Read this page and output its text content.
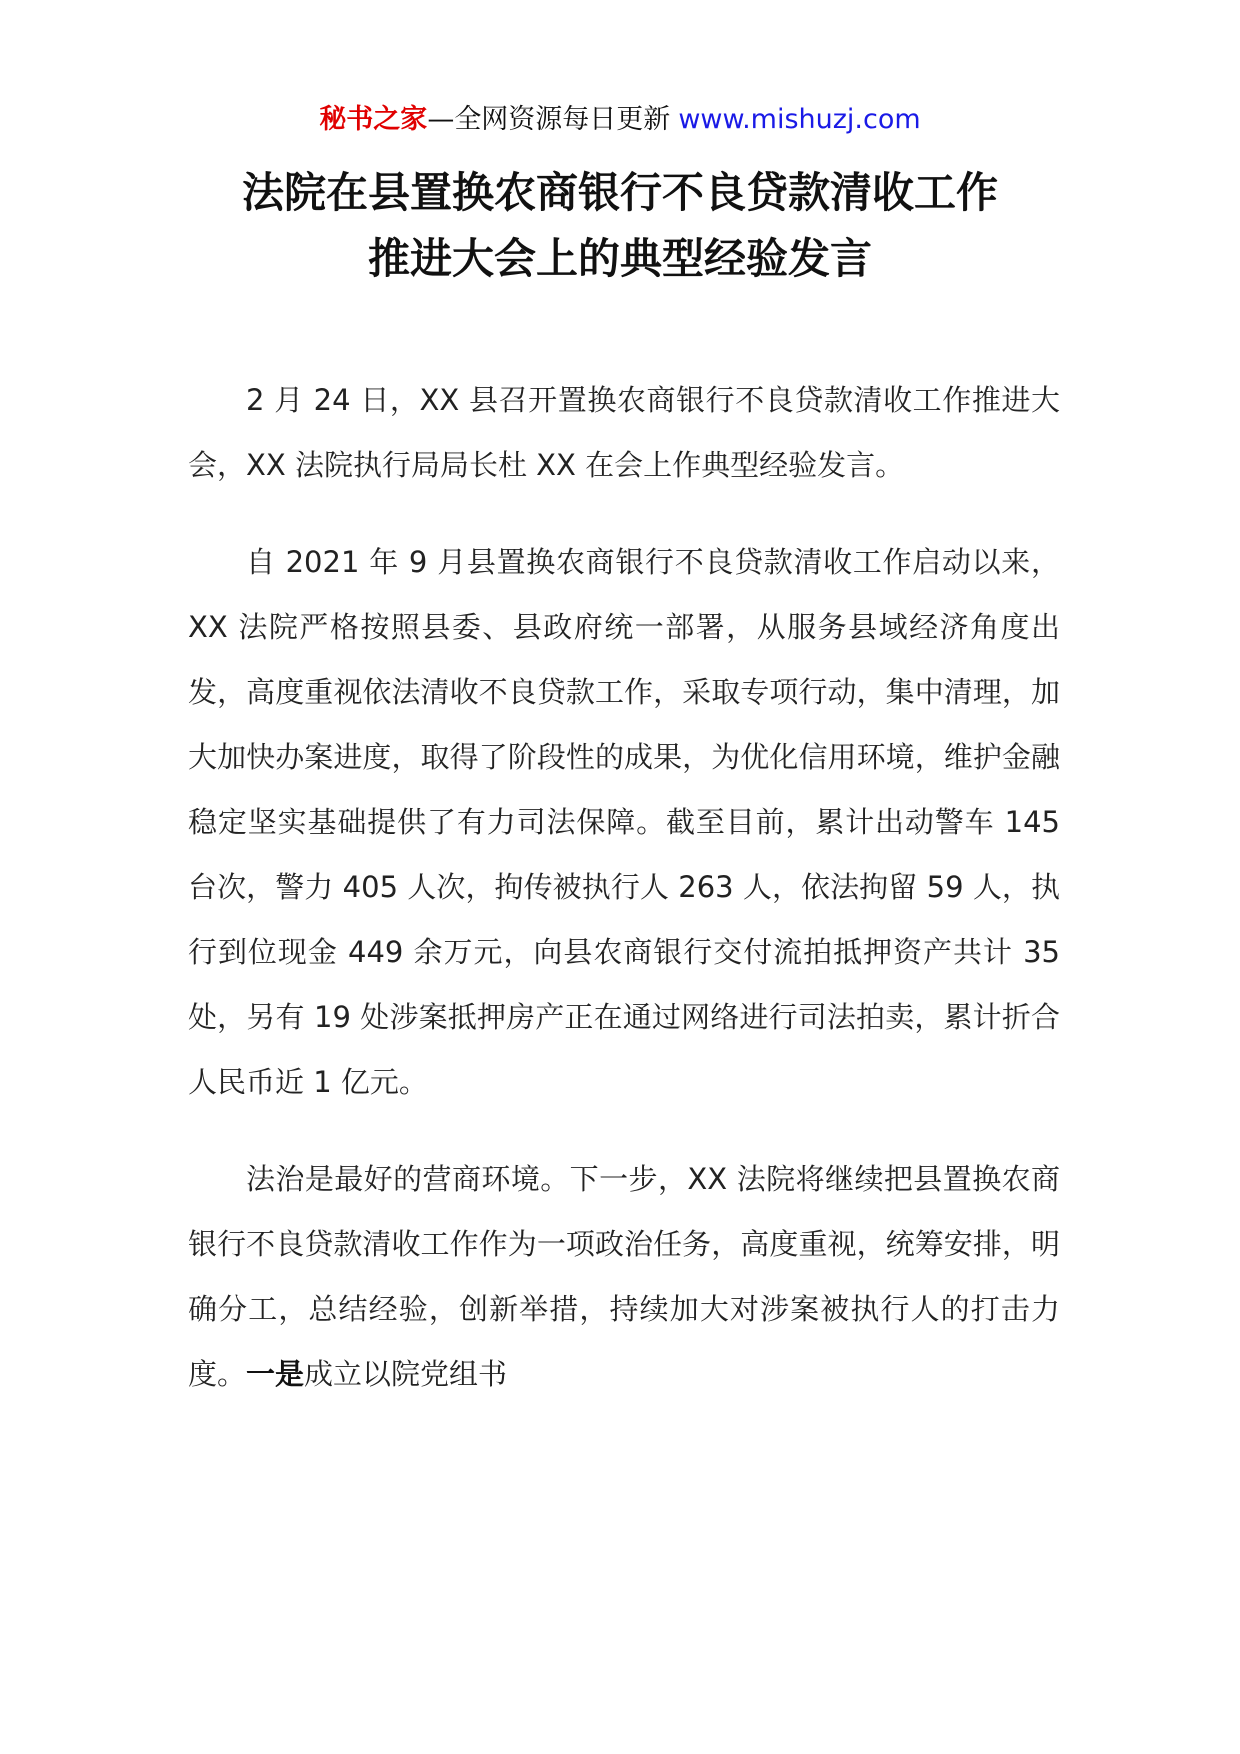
秘书之家—全网资源每日更新 www.mishuzj.com
法院在县置换农商银行不良贷款清收工作
推进大会上的典型经验发言

2 月 24 日，XX 县召开置换农商银行不良贷款清收工作推进大会，XX 法院执行局局长杜 XX 在会上作典型经验发言。

自 2021 年 9 月县置换农商银行不良贷款清收工作启动以来，XX 法院严格按照县委、县政府统一部署，从服务县域经济角度出发，高度重视依法清收不良贷款工作，采取专项行动，集中清理，加大加快办案进度，取得了阶段性的成果，为优化信用环境，维护金融稳定坚实基础提供了有力司法保障。截至目前，累计出动警车 145 台次，警力 405 人次，拘传被执行人 263 人，依法拘留 59 人，执行到位现金 449 余万元，向县农商银行交付流拍抵押资产共计 35 处，另有 19 处涉案抵押房产正在通过网络进行司法拍卖，累计折合人民币近 1 亿元。

法治是最好的营商环境。下一步，XX 法院将继续把县置换农商银行不良贷款清收工作作为一项政治任务，高度重视，统筹安排，明确分工，总结经验，创新举措，持续加大对涉案被执行人的打击力度。一是成立以院党组书
